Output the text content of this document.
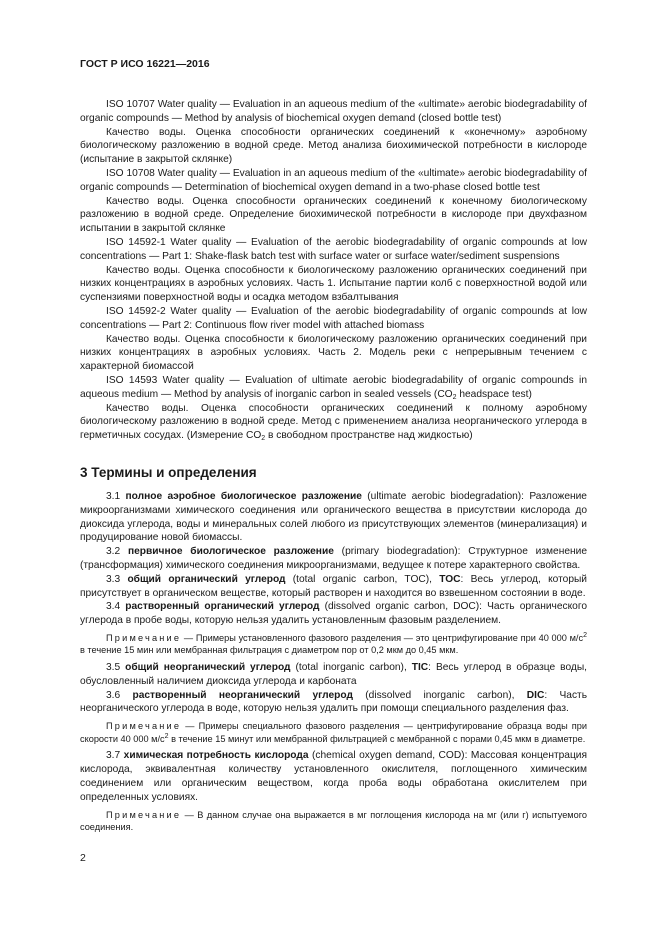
ГОСТ Р ИСО 16221—2016

ISO 10707 Water quality — Evaluation in an aqueous medium of the «ultimate» aerobic biodegradability of organic compounds — Method by analysis of biochemical oxygen demand (closed bottle test)

Качество воды. Оценка способности органических соединений к «конечному» аэробному биологическому разложению в водной среде. Метод анализа биохимической потребности в кислороде (испытание в закрытой склянке)

ISO 10708 Water quality — Evaluation in an aqueous medium of the «ultimate» aerobic biodegradability of organic compounds — Determination of biochemical oxygen demand in a two-phase closed bottle test

Качество воды. Оценка способности органических соединений к конечному биологическому разложению в водной среде. Определение биохимической потребности в кислороде при двухфазном испытании в закрытой склянке

ISO 14592-1 Water quality — Evaluation of the aerobic biodegradability of organic compounds at low concentrations — Part 1: Shake-flask batch test with surface water or surface water/sediment suspensions

Качество воды. Оценка способности к биологическому разложению органических соединений при низких концентрациях в аэробных условиях. Часть 1. Испытание партии колб с поверхностной водой или суспензиями поверхностной воды и осадка методом взбалтывания

ISO 14592-2 Water quality — Evaluation of the aerobic biodegradability of organic compounds at low concentrations — Part 2: Continuous flow river model with attached biomass

Качество воды. Оценка способности к биологическому разложению органических соединений при низких концентрациях в аэробных условиях. Часть 2. Модель реки с непрерывным течением с характерной биомассой

ISO 14593 Water quality — Evaluation of ultimate aerobic biodegradability of organic compounds in aqueous medium — Method by analysis of inorganic carbon in sealed vessels ($CO_2$ headspace test)

Качество воды. Оценка способности органических соединений к полному аэробному биологическому разложению в водной среде. Метод с применением анализа неорганического углерода в герметичных сосудах. (Измерение $CO_2$ в свободном пространстве над жидкостью)

3 Термины и определения

3.1 полное аэробное биологическое разложение (ultimate aerobic biodegradation): Разложение микроорганизмами химического соединения или органического вещества в присутствии кислорода до диоксида углерода, воды и минеральных солей любого из присутствующих элементов (минерализация) и продуцирование новой биомассы.

3.2 первичное биологическое разложение (primary biodegradation): Структурное изменение (трансформация) химического соединения микроорганизмами, ведущее к потере характерного свойства.

3.3 общий органический углерод (total organic carbon, TOC), TOC: Весь углерод, который присутствует в органическом веществе, который растворен и находится во взвешенном состоянии в воде.

3.4 растворенный органический углерод (dissolved organic carbon, DOC): Часть органического углерода в пробе воды, которую нельзя удалить установленным фазовым разделением.

Примечание — Примеры установленного фазового разделения — это центрифугирование при 40 000 $м/с^2$ в течение 15 мин или мембранная фильтрация с диаметром пор от 0,2 мкм до 0,45 мкм.

3.5 общий неорганический углерод (total inorganic carbon), TIC: Весь углерод в образце воды, обусловленный наличием диоксида углерода и карбоната

3.6 растворенный неорганический углерод (dissolved inorganic carbon), DIC: Часть неорганического углерода в воде, которую нельзя удалить при помощи специального разделения фаз.

Примечание — Примеры специального фазового разделения — центрифугирование образца воды при скорости 40 000 $м/с^2$ в течение 15 минут или мембранной фильтрацией с мембранной с порами 0,45 мкм в диаметре.

3.7 химическая потребность кислорода (chemical oxygen demand, COD): Массовая концентрация кислорода, эквивалентная количеству установленного окислителя, поглощенного химическим соединением или органическим веществом, когда проба воды обработана окислителем при определенных условиях.

Примечание — В данном случае она выражается в мг поглощения кислорода на мг (или г) испытуемого соединения.

2
